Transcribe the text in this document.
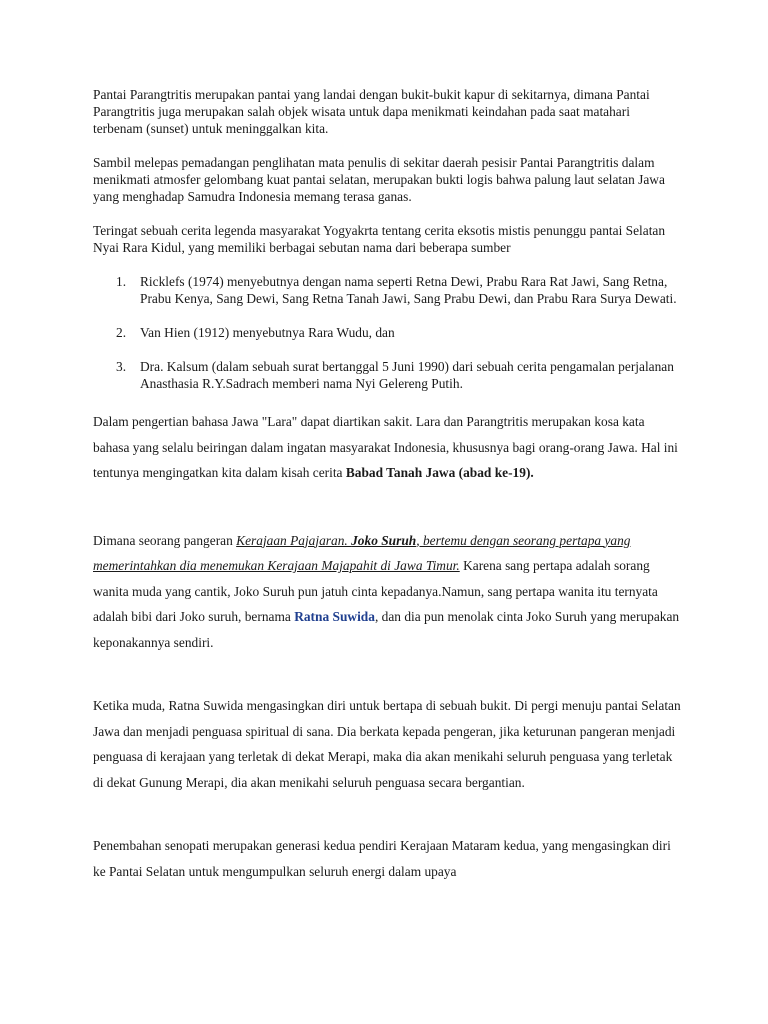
Pantai Parangtritis merupakan pantai yang landai dengan bukit-bukit kapur di sekitarnya, dimana Pantai Parangtritis juga merupakan salah objek wisata untuk dapa menikmati keindahan pada saat matahari terbenam (sunset) untuk meninggalkan kita.

Sambil melepas pemadangan penglihatan mata penulis di sekitar daerah pesisir Pantai Parangtritis dalam menikmati atmosfer gelombang kuat pantai selatan, merupakan bukti logis bahwa palung laut selatan Jawa yang menghadap Samudra Indonesia memang terasa ganas.

Teringat sebuah cerita legenda masyarakat Yogyakrta tentang cerita eksotis mistis penunggu pantai Selatan Nyai Rara Kidul, yang memiliki berbagai sebutan nama dari beberapa sumber

1. Ricklefs (1974) menyebutnya dengan nama seperti Retna Dewi, Prabu Rara Rat Jawi, Sang Retna, Prabu Kenya, Sang Dewi, Sang Retna Tanah Jawi, Sang Prabu Dewi, dan Prabu Rara Surya Dewati.
2. Van Hien (1912) menyebutnya Rara Wudu, dan
3. Dra. Kalsum (dalam sebuah surat bertanggal 5 Juni 1990) dari sebuah cerita pengamalan perjalanan Anasthasia R.Y.Sadrach memberi nama Nyi Gelereng Putih.

Dalam pengertian bahasa Jawa "Lara" dapat diartikan sakit. Lara dan Parangtritis merupakan kosa kata bahasa yang selalu beiringan dalam ingatan masyarakat Indonesia, khususnya bagi orang-orang Jawa. Hal ini tentunya mengingatkan kita dalam kisah cerita Babad Tanah Jawa (abad ke-19).

Dimana seorang pangeran Kerajaan Pajajaran. Joko Suruh, bertemu dengan seorang pertapa yang memerintahkan dia menemukan Kerajaan Majapahit di Jawa Timur. Karena sang pertapa adalah sorang wanita muda yang cantik, Joko Suruh pun jatuh cinta kepadanya.Namun, sang pertapa wanita itu ternyata adalah bibi dari Joko suruh, bernama Ratna Suwida, dan dia pun menolak cinta Joko Suruh yang merupakan keponakannya sendiri.

Ketika muda, Ratna Suwida mengasingkan diri untuk bertapa di sebuah bukit. Di pergi menuju pantai Selatan Jawa dan menjadi penguasa spiritual di sana. Dia berkata kepada pengeran, jika keturunan pangeran menjadi penguasa di kerajaan yang terletak di dekat Merapi, maka dia akan menikahi seluruh penguasa yang terletak di dekat Gunung Merapi, dia akan menikahi seluruh penguasa secara bergantian.

Penembahan senopati merupakan generasi kedua pendiri Kerajaan Mataram kedua, yang mengasingkan diri ke Pantai Selatan untuk mengumpulkan seluruh energi dalam upaya
